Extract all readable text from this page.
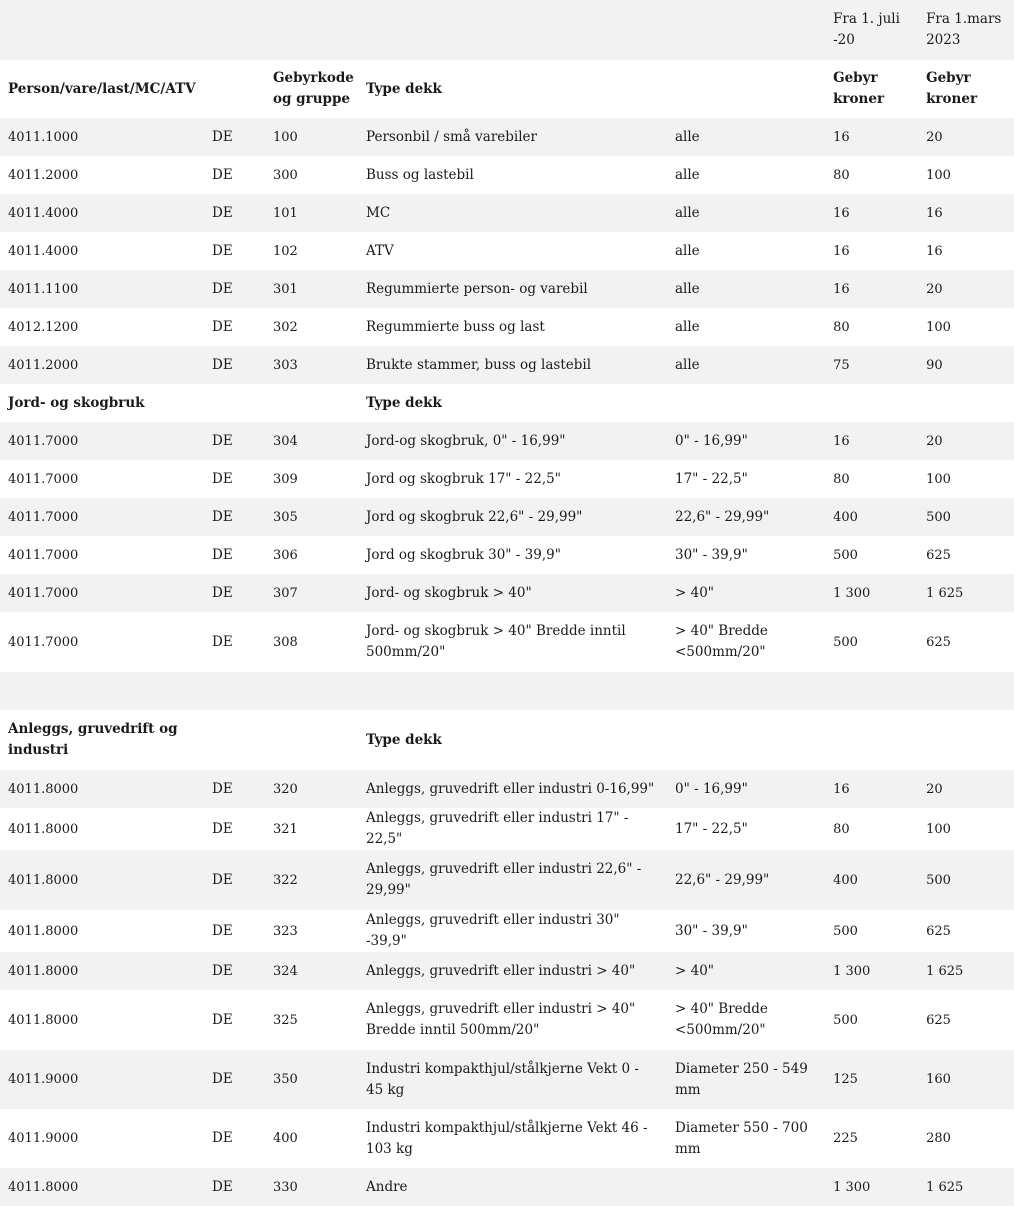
					Fra 1. juli -20	Fra 1.mars 2023
Person/vare/last/MC/ATV		Gebyrkode og gruppe	Type dekk		Gebyr kroner	Gebyr kroner
4011.1000	DE	100	Personbil / små varebiler	alle	16	20
4011.2000	DE	300	Buss og lastebil	alle	80	100
4011.4000	DE	101	MC	alle	16	16
4011.4000	DE	102	ATV	alle	16	16
4011.1100	DE	301	Regummierte person- og varebil	alle	16	20
4012.1200	DE	302	Regummierte buss og last	alle	80	100
4011.2000	DE	303	Brukte stammer, buss og lastebil	alle	75	90
Jord- og skogbruk			Type dekk			
4011.7000	DE	304	Jord-og skogbruk, 0" - 16,99"	0" - 16,99"	16	20
4011.7000	DE	309	Jord og skogbruk 17" - 22,5"	17" - 22,5"	80	100
4011.7000	DE	305	Jord og skogbruk 22,6" - 29,99"	22,6" - 29,99"	400	500
4011.7000	DE	306	Jord og skogbruk 30" - 39,9"	30" - 39,9"	500	625
4011.7000	DE	307	Jord- og skogbruk > 40"	> 40"	1 300	1 625
4011.7000	DE	308	Jord- og skogbruk > 40" Bredde inntil 500mm/20"	> 40" Bredde <500mm/20"	500	625

Anleggs, gruvedrift og industri			Type dekk			
4011.8000	DE	320	Anleggs, gruvedrift eller industri 0-16,99"	0" - 16,99"	16	20
4011.8000	DE	321	Anleggs, gruvedrift eller industri 17" - 22,5"	17" - 22,5"	80	100
4011.8000	DE	322	Anleggs, gruvedrift eller industri 22,6" - 29,99"	22,6" - 29,99"	400	500
4011.8000	DE	323	Anleggs, gruvedrift eller industri 30" -39,9"	30" - 39,9"	500	625
4011.8000	DE	324	Anleggs, gruvedrift eller industri > 40"	> 40"	1 300	1 625
4011.8000	DE	325	Anleggs, gruvedrift eller industri > 40" Bredde inntil 500mm/20"	> 40" Bredde <500mm/20"	500	625
4011.9000	DE	350	Industri kompakthjul/stålkjerne Vekt 0 - 45 kg	Diameter 250 - 549 mm	125	160
4011.9000	DE	400	Industri kompakthjul/stålkjerne Vekt 46 - 103 kg	Diameter 550 - 700 mm	225	280
4011.8000	DE	330	Andre		1 300	1 625
